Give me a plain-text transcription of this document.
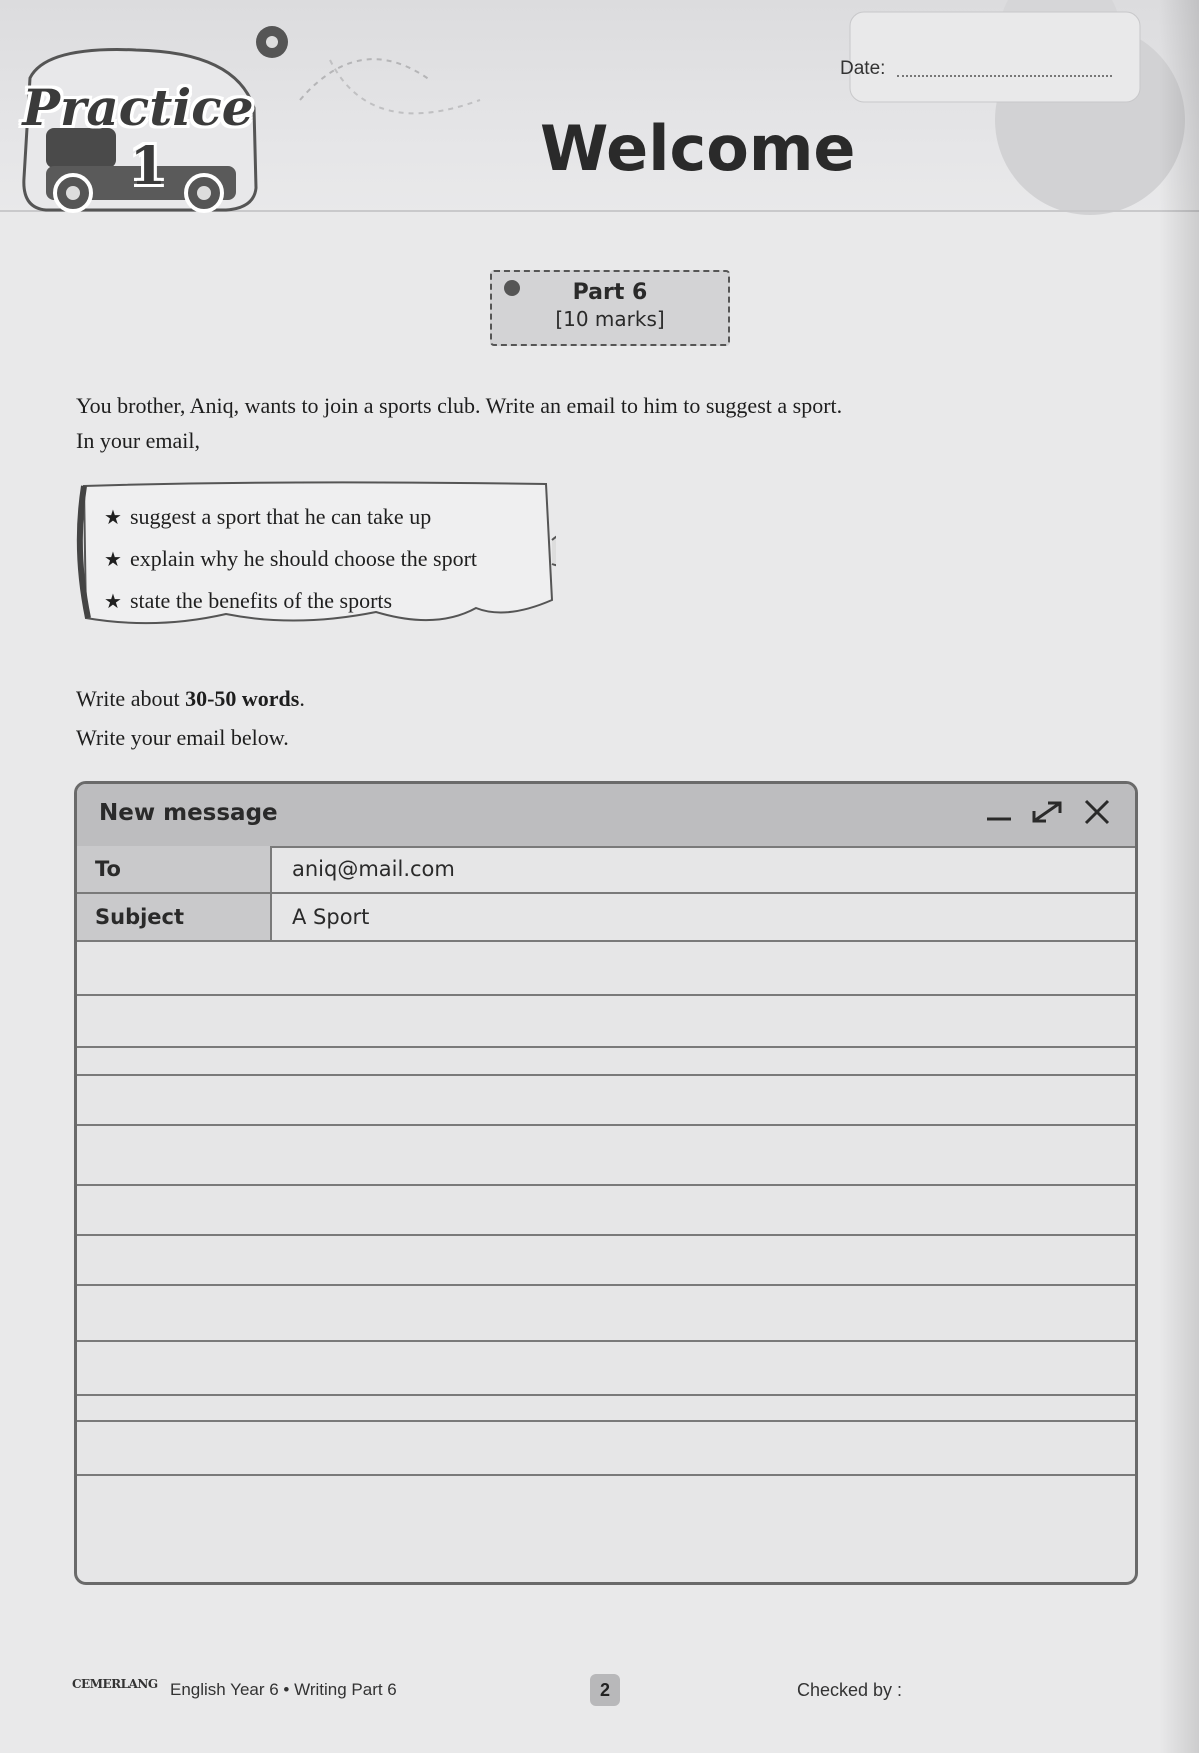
Practice
1
Date:
Welcome
Part 6
[10 marks]
You brother, Aniq, wants to join a sports club. Write an email to him to suggest a sport.
In your email,
★ suggest a sport that he can take up
★ explain why he should choose the sport
★ state the benefits of the sports
Write about 30-50 words.
Write your email below.
New message
To	aniq@mail.com
Subject	A Sport
CEMERLANG English Year 6 • Writing Part 6	2	Checked by :
